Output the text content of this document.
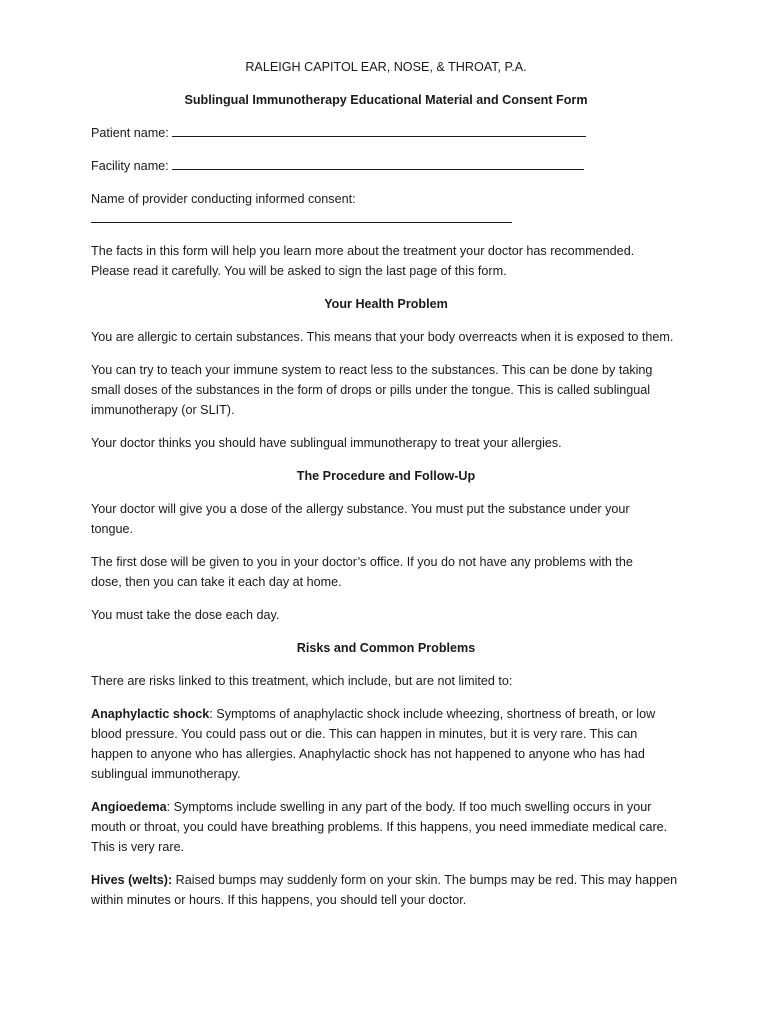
RALEIGH CAPITOL EAR, NOSE, & THROAT, P.A.
Sublingual Immunotherapy Educational Material and Consent Form
Patient name:
Facility name:
Name of provider conducting informed consent:
The facts in this form will help you learn more about the treatment your doctor has recommended.
Please read it carefully. You will be asked to sign the last page of this form.
Your Health Problem
You are allergic to certain substances. This means that your body overreacts when it is exposed to them.
You can try to teach your immune system to react less to the substances. This can be done by taking
small doses of the substances in the form of drops or pills under the tongue. This is called sublingual
immunotherapy (or SLIT).
Your doctor thinks you should have sublingual immunotherapy to treat your allergies.
The Procedure and Follow-Up
Your doctor will give you a dose of the allergy substance. You must put the substance under your
tongue.
The first dose will be given to you in your doctor’s office. If you do not have any problems with the
dose, then you can take it each day at home.
You must take the dose each day.
Risks and Common Problems
There are risks linked to this treatment, which include, but are not limited to:
Anaphylactic shock: Symptoms of anaphylactic shock include wheezing, shortness of breath, or low
blood pressure. You could pass out or die. This can happen in minutes, but it is very rare. This can
happen to anyone who has allergies. Anaphylactic shock has not happened to anyone who has had
sublingual immunotherapy.
Angioedema: Symptoms include swelling in any part of the body. If too much swelling occurs in your
mouth or throat, you could have breathing problems. If this happens, you need immediate medical care.
This is very rare.
Hives (welts): Raised bumps may suddenly form on your skin. The bumps may be red. This may happen
within minutes or hours. If this happens, you should tell your doctor.
